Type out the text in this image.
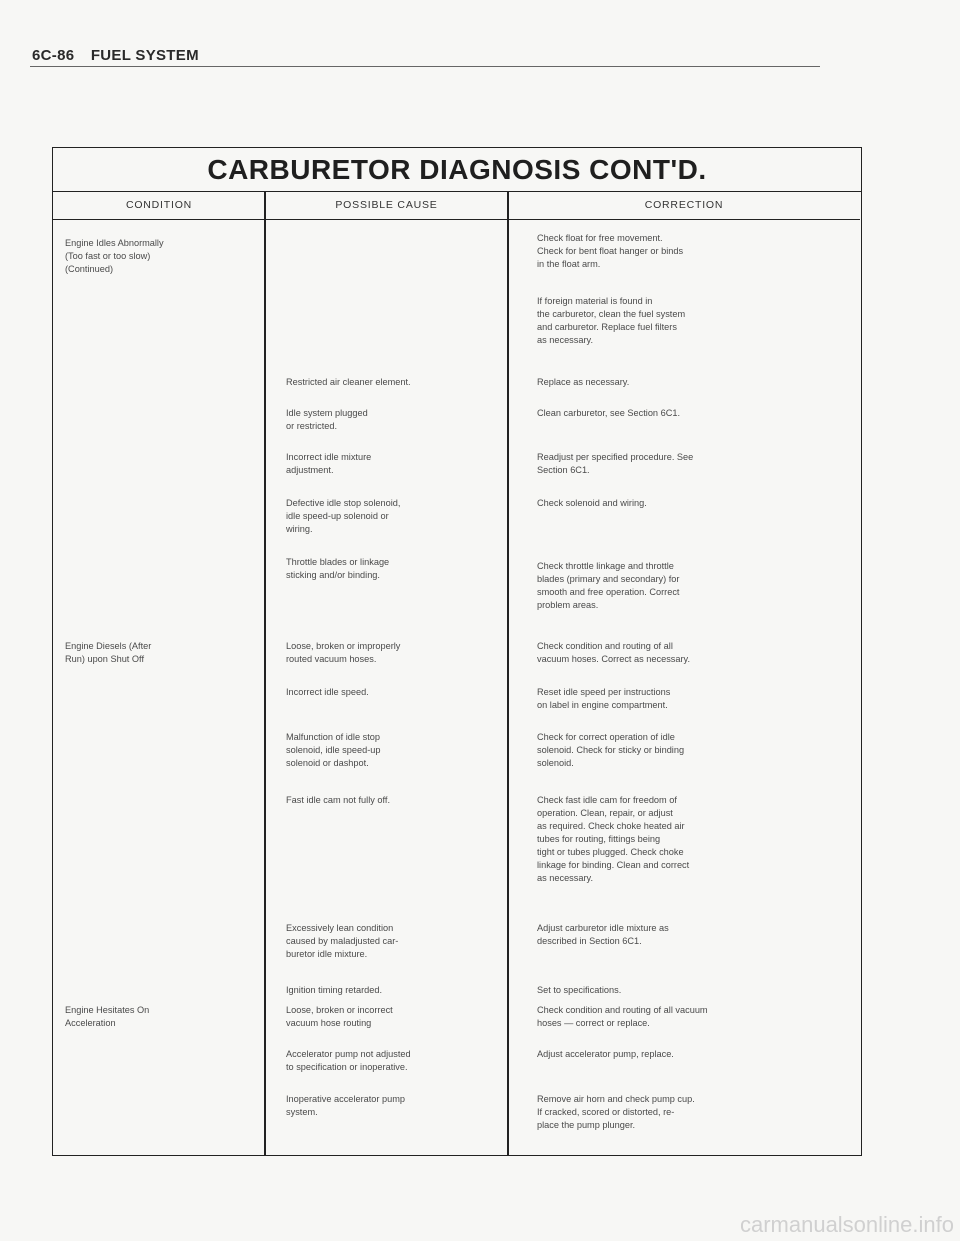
6C-86 FUEL SYSTEM
CARBURETOR DIAGNOSIS CONT'D.
CONDITION	POSSIBLE CAUSE	CORRECTION
Engine Idles Abnormally
(Too fast or too slow)
(Continued)
Engine Diesels (After
Run) upon Shut Off
Engine Hesitates On
Acceleration
Restricted air cleaner element.
Idle system plugged
or restricted.
Incorrect idle mixture
adjustment.
Defective idle stop solenoid,
idle speed-up solenoid or
wiring.
Throttle blades or linkage
sticking and/or binding.
Loose, broken or improperly
routed vacuum hoses.
Incorrect idle speed.
Malfunction of idle stop
solenoid, idle speed-up
solenoid or dashpot.
Fast idle cam not fully off.
Excessively lean condition
caused by maladjusted car-
buretor idle mixture.
Ignition timing retarded.
Loose, broken or incorrect
vacuum hose routing
Accelerator pump not adjusted
to specification or inoperative.
Inoperative accelerator pump
system.
Check float for free movement.
Check for bent float hanger or binds
in the float arm.
If foreign material is found in
the carburetor, clean the fuel system
and carburetor. Replace fuel filters
as necessary.
Replace as necessary.
Clean carburetor, see Section 6C1.
Readjust per specified procedure. See
Section 6C1.
Check solenoid and wiring.
Check throttle linkage and throttle
blades (primary and secondary) for
smooth and free operation. Correct
problem areas.
Check condition and routing of all
vacuum hoses. Correct as necessary.
Reset idle speed per instructions
on label in engine compartment.
Check for correct operation of idle
solenoid. Check for sticky or binding
solenoid.
Check fast idle cam for freedom of
operation. Clean, repair, or adjust
as required. Check choke heated air
tubes for routing, fittings being
tight or tubes plugged. Check choke
linkage for binding. Clean and correct
as necessary.
Adjust carburetor idle mixture as
described in Section 6C1.
Set to specifications.
Check condition and routing of all vacuum
hoses — correct or replace.
Adjust accelerator pump, replace.
Remove air horn and check pump cup.
If cracked, scored or distorted, re-
place the pump plunger.
carmanualsonline.info
